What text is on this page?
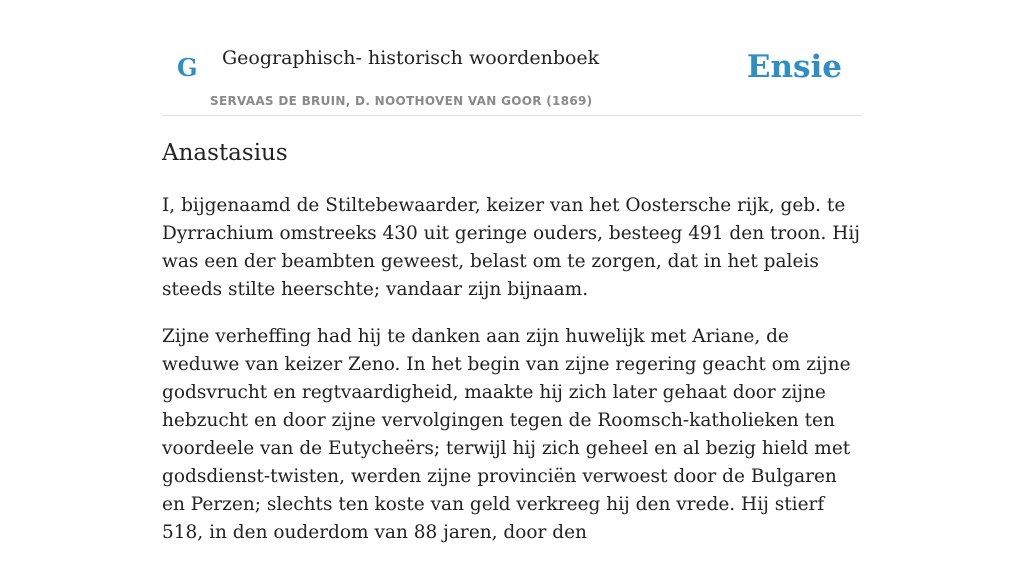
G Geographisch- historisch woordenboek
SERVAAS DE BRUIN, D. NOOTHOVEN VAN GOOR (1869)
Ensie
Anastasius

I, bijgenaamd de Stiltebewaarder, keizer van het Oostersche rijk, geb. te Dyrrachium omstreeks 430 uit geringe ouders, besteeg 491 den troon. Hij was een der beambten geweest, belast om te zorgen, dat in het paleis steeds stilte heerschte; vandaar zijn bijnaam.

Zijne verheffing had hij te danken aan zijn huwelijk met Ariane, de weduwe van keizer Zeno. In het begin van zijne regering geacht om zijne godsvrucht en regtvaardigheid, maakte hij zich later gehaat door zijne hebzucht en door zijne vervolgingen tegen de Roomsch-katholieken ten voordeele van de Eutycheërs; terwijl hij zich geheel en al bezig hield met godsdienst-twisten, werden zijne provinciën verwoest door de Bulgaren en Perzen; slechts ten koste van geld verkreeg hij den vrede. Hij stierf 518, in den ouderdom van 88 jaren, door den
